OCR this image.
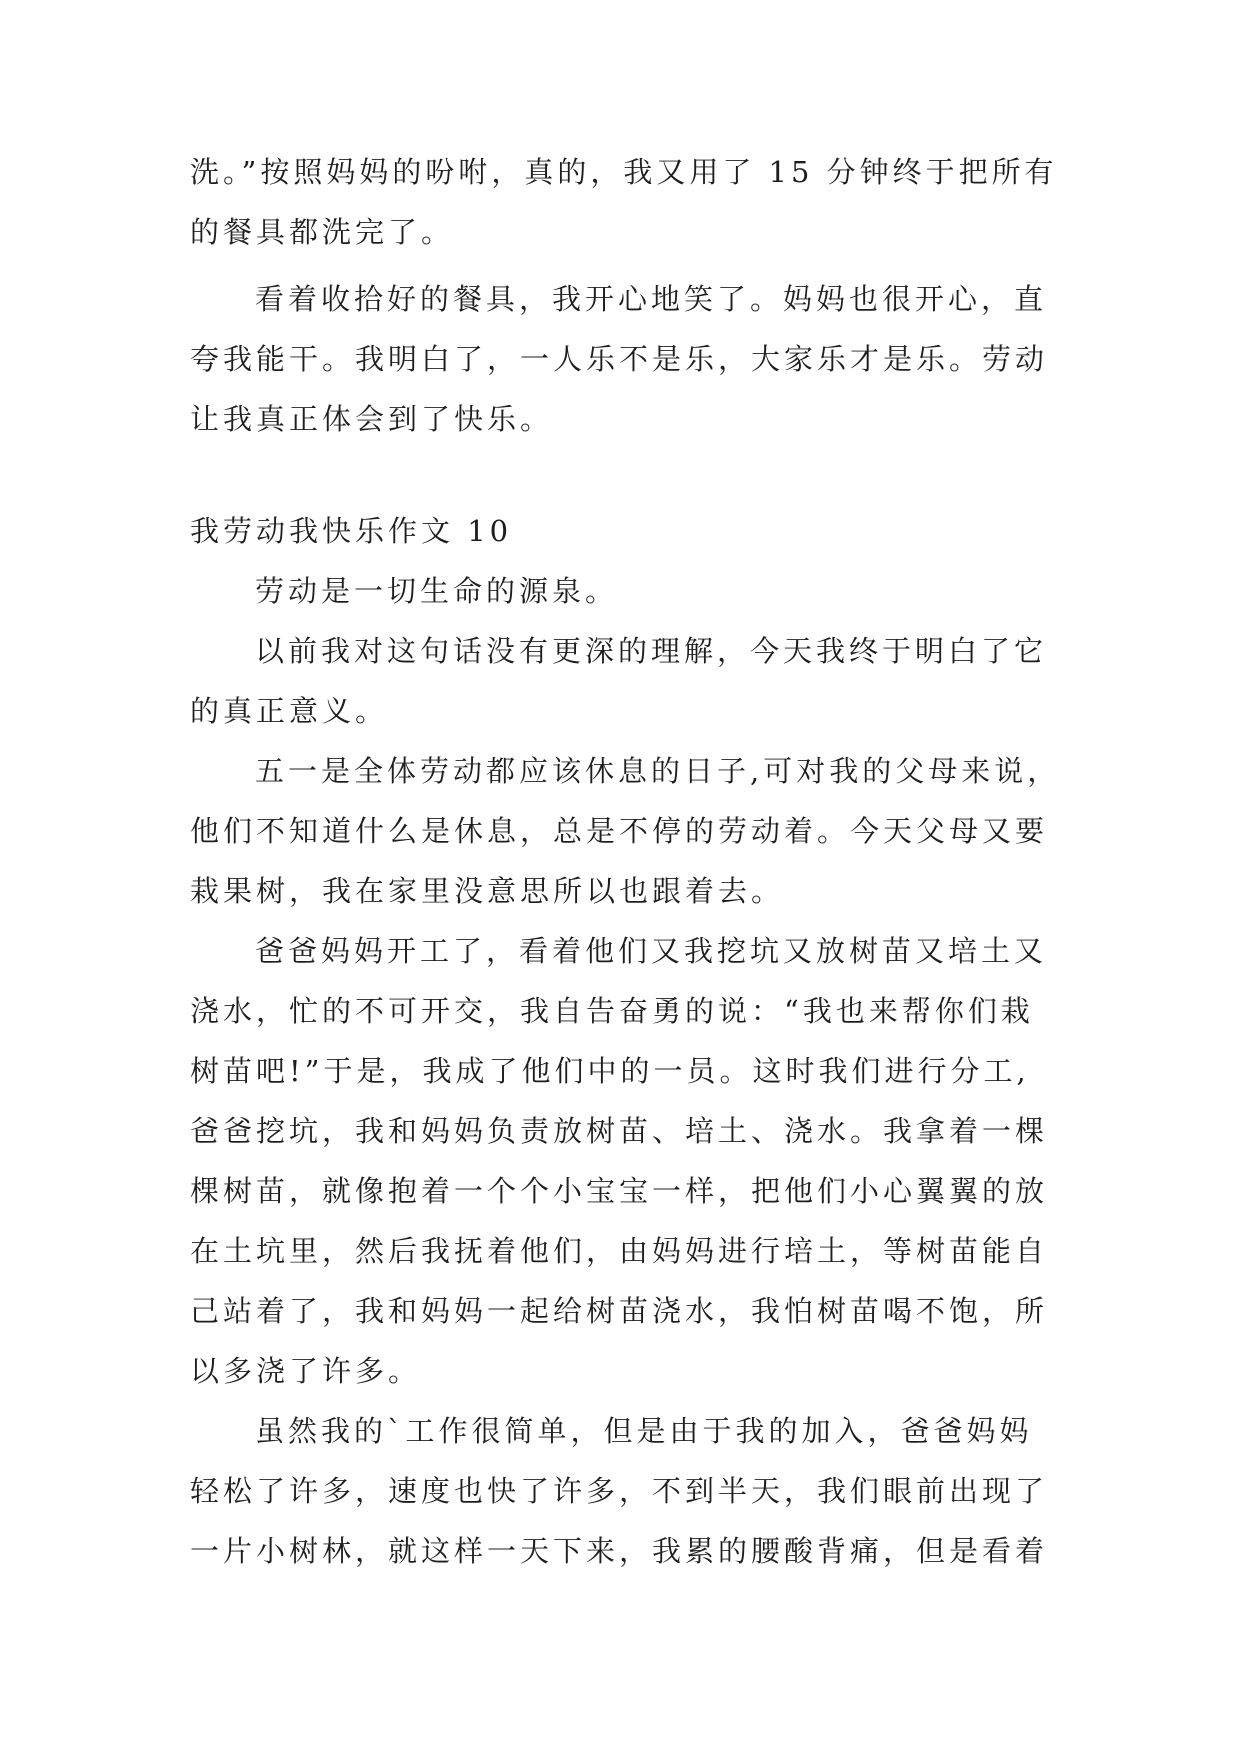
洗。”按照妈妈的吩咐，真的，我又用了 15 分钟终于把所有
的餐具都洗完了。
看着收拾好的餐具，我开心地笑了。妈妈也很开心，直
夸我能干。我明白了，一人乐不是乐，大家乐才是乐。劳动
让我真正体会到了快乐。
我劳动我快乐作文 10
劳动是一切生命的源泉。
以前我对这句话没有更深的理解，今天我终于明白了它
的真正意义。
五一是全体劳动都应该休息的日子,可对我的父母来说，
他们不知道什么是休息，总是不停的劳动着。今天父母又要
栽果树，我在家里没意思所以也跟着去。
爸爸妈妈开工了，看着他们又我挖坑又放树苗又培土又
浇水，忙的不可开交，我自告奋勇的说：“我也来帮你们栽
树苗吧!”于是，我成了他们中的一员。这时我们进行分工,
爸爸挖坑，我和妈妈负责放树苗、培土、浇水。我拿着一棵
棵树苗，就像抱着一个个小宝宝一样，把他们小心翼翼的放
在土坑里，然后我抚着他们，由妈妈进行培土，等树苗能自
己站着了，我和妈妈一起给树苗浇水，我怕树苗喝不饱，所
以多浇了许多。
虽然我的`工作很简单，但是由于我的加入，爸爸妈妈
轻松了许多，速度也快了许多，不到半天，我们眼前出现了
一片小树林，就这样一天下来，我累的腰酸背痛，但是看着
